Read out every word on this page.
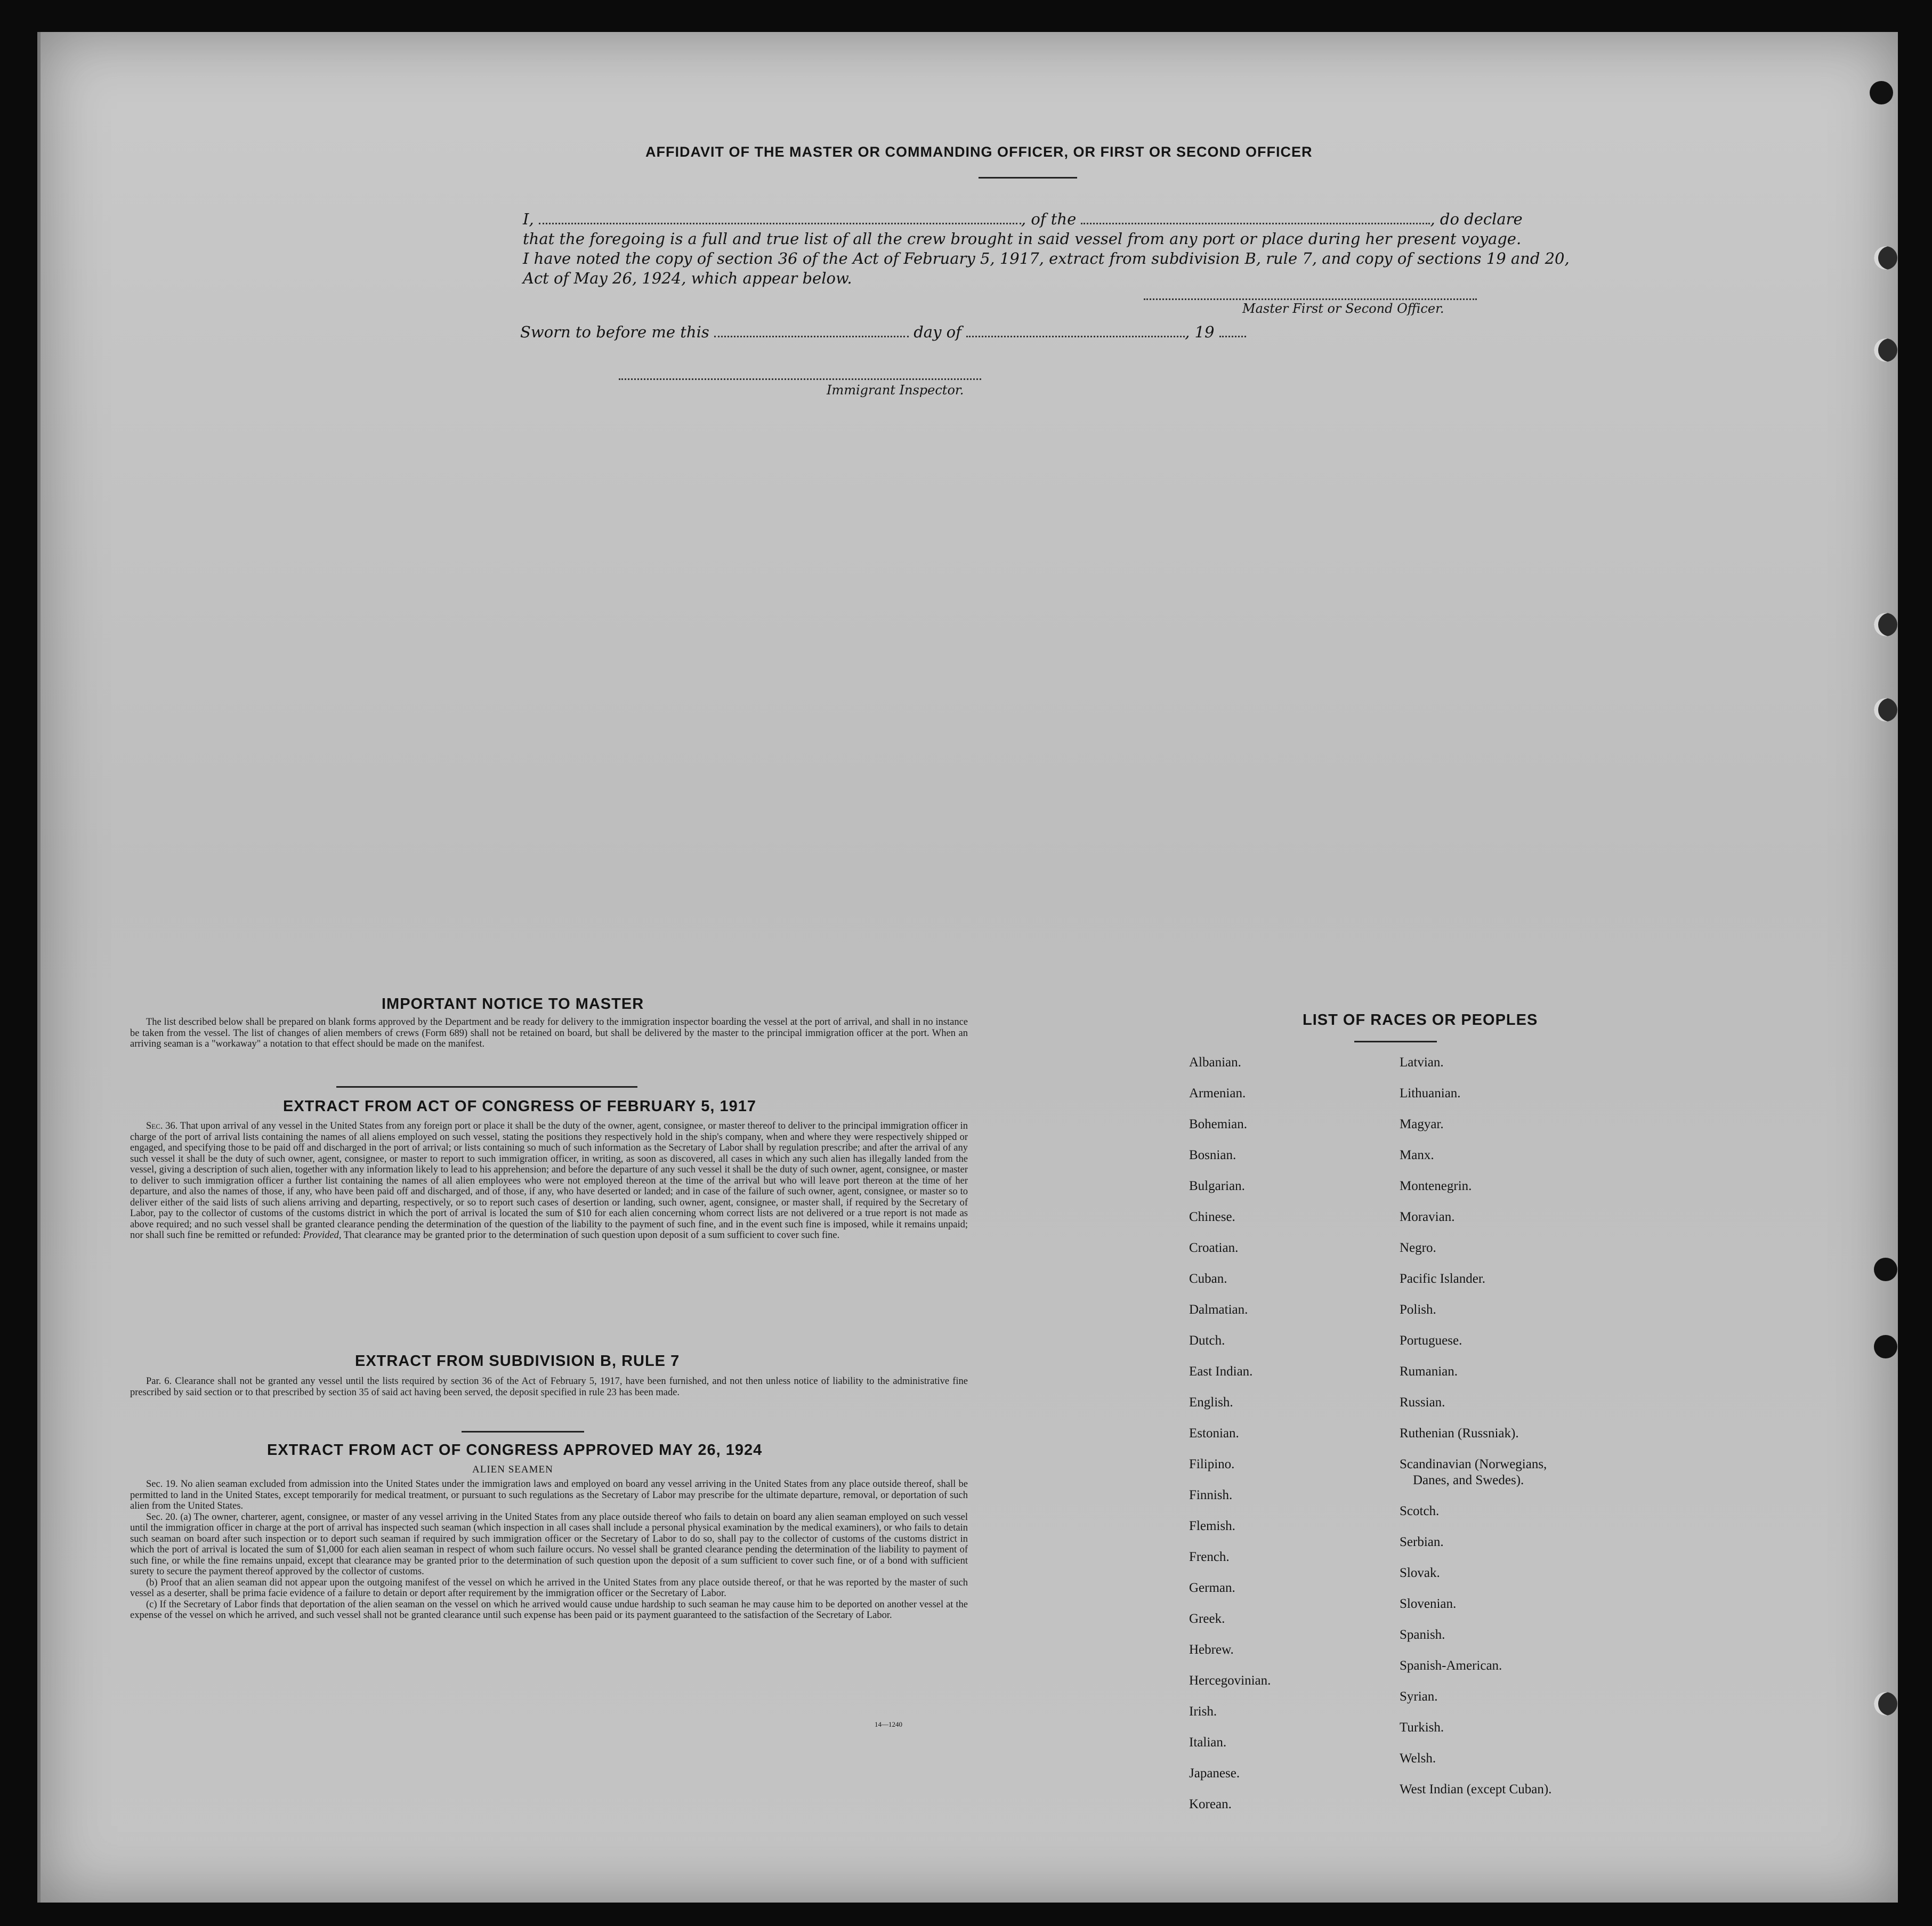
AFFIDAVIT OF THE MASTER OR COMMANDING OFFICER, OR FIRST OR SECOND OFFICER
I,	, of the	, do declare
that the foregoing is a full and true list of all the crew brought in said vessel from any port or place during her present voyage.
I have noted the copy of section 36 of the Act of February 5, 1917, extract from subdivision B, rule 7, and copy of sections 19 and 20,
Act of May 26, 1924, which appear below.
Master First or Second Officer.
Sworn to before me this	day of	, 19
Immigrant Inspector.
IMPORTANT NOTICE TO MASTER

The list described below shall be prepared on blank forms approved by the Department and be ready for delivery to the immigration inspector boarding the vessel at the port of arrival, and shall in no instance be taken from the vessel. The list of changes of alien members of crews (Form 689) shall not be retained on board, but shall be delivered by the master to the principal immigration officer at the port. When an arriving seaman is a "workaway" a notation to that effect should be made on the manifest.

EXTRACT FROM ACT OF CONGRESS OF FEBRUARY 5, 1917

Sec. 36. That upon arrival of any vessel in the United States from any foreign port or place it shall be the duty of the owner, agent, consignee, or master thereof to deliver to the principal immigration officer in charge of the port of arrival lists containing the names of all aliens employed on such vessel, stating the positions they respectively hold in the ship's company, when and where they were respectively shipped or engaged, and specifying those to be paid off and discharged in the port of arrival; or lists containing so much of such information as the Secretary of Labor shall by regulation prescribe; and after the arrival of any such vessel it shall be the duty of such owner, agent, consignee, or master to report to such immigration officer, in writing, as soon as discovered, all cases in which any such alien has illegally landed from the vessel, giving a description of such alien, together with any information likely to lead to his apprehension; and before the departure of any such vessel it shall be the duty of such owner, agent, consignee, or master to deliver to such immigration officer a further list containing the names of all alien employees who were not employed thereon at the time of the arrival but who will leave port thereon at the time of her departure, and also the names of those, if any, who have been paid off and discharged, and of those, if any, who have deserted or landed; and in case of the failure of such owner, agent, consignee, or master so to deliver either of the said lists of such aliens arriving and departing, respectively, or so to report such cases of desertion or landing, such owner, agent, consignee, or master shall, if required by the Secretary of Labor, pay to the collector of customs of the customs district in which the port of arrival is located the sum of $10 for each alien concerning whom correct lists are not delivered or a true report is not made as above required; and no such vessel shall be granted clearance pending the determination of the question of the liability to the payment of such fine, and in the event such fine is imposed, while it remains unpaid; nor shall such fine be remitted or refunded: Provided, That clearance may be granted prior to the determination of such question upon deposit of a sum sufficient to cover such fine.

EXTRACT FROM SUBDIVISION B, RULE 7

Par. 6. Clearance shall not be granted any vessel until the lists required by section 36 of the Act of February 5, 1917, have been furnished, and not then unless notice of liability to the administrative fine prescribed by said section or to that prescribed by section 35 of said act having been served, the deposit specified in rule 23 has been made.

EXTRACT FROM ACT OF CONGRESS APPROVED MAY 26, 1924
ALIEN SEAMEN

Sec. 19. No alien seaman excluded from admission into the United States under the immigration laws and employed on board any vessel arriving in the United States from any place outside thereof, shall be permitted to land in the United States, except temporarily for medical treatment, or pursuant to such regulations as the Secretary of Labor may prescribe for the ultimate departure, removal, or deportation of such alien from the United States.

Sec. 20. (a) The owner, charterer, agent, consignee, or master of any vessel arriving in the United States from any place outside thereof who fails to detain on board any alien seaman employed on such vessel until the immigration officer in charge at the port of arrival has inspected such seaman (which inspection in all cases shall include a personal physical examination by the medical examiners), or who fails to detain such seaman on board after such inspection or to deport such seaman if required by such immigration officer or the Secretary of Labor to do so, shall pay to the collector of customs of the customs district in which the port of arrival is located the sum of $1,000 for each alien seaman in respect of whom such failure occurs. No vessel shall be granted clearance pending the determination of the liability to payment of such fine, or while the fine remains unpaid, except that clearance may be granted prior to the determination of such question upon the deposit of a sum sufficient to cover such fine, or of a bond with sufficient surety to secure the payment thereof approved by the collector of customs.

(b) Proof that an alien seaman did not appear upon the outgoing manifest of the vessel on which he arrived in the United States from any place outside thereof, or that he was reported by the master of such vessel as a deserter, shall be prima facie evidence of a failure to detain or deport after requirement by the immigration officer or the Secretary of Labor.

(c) If the Secretary of Labor finds that deportation of the alien seaman on the vessel on which he arrived would cause undue hardship to such seaman he may cause him to be deported on another vessel at the expense of the vessel on which he arrived, and such vessel shall not be granted clearance until such expense has been paid or its payment guaranteed to the satisfaction of the Secretary of Labor.

14—1240
LIST OF RACES OR PEOPLES
Albanian.
Armenian.
Bohemian.
Bosnian.
Bulgarian.
Chinese.
Croatian.
Cuban.
Dalmatian.
Dutch.
East Indian.
English.
Estonian.
Filipino.
Finnish.
Flemish.
French.
German.
Greek.
Hebrew.
Hercegovinian.
Irish.
Italian.
Japanese.
Korean.
Latvian.
Lithuanian.
Magyar.
Manx.
Montenegrin.
Moravian.
Negro.
Pacific Islander.
Polish.
Portuguese.
Rumanian.
Russian.
Ruthenian (Russniak).
Scandinavian (Norwegians,
Danes, and Swedes).
Scotch.
Serbian.
Slovak.
Slovenian.
Spanish.
Spanish-American.
Syrian.
Turkish.
Welsh.
West Indian (except Cuban).
